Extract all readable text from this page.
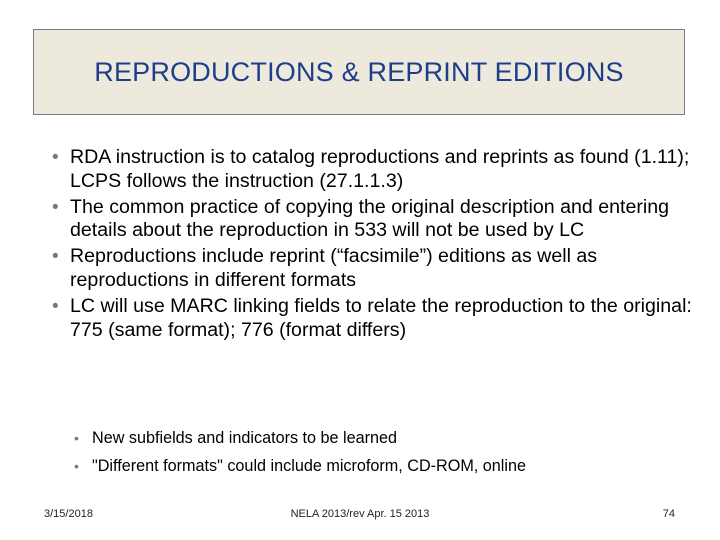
REPRODUCTIONS & REPRINT EDITIONS
• RDA instruction is to catalog reproductions and reprints as found (1.11); LCPS follows the instruction (27.1.1.3)
• The common practice of copying the original description and entering details about the reproduction in 533 will not be used by LC
• Reproductions include reprint (“facsimile”) editions as well as reproductions in different formats
• LC will use MARC linking fields to relate the reproduction to the original: 775 (same format); 776 (format differs)
• New subfields and indicators to be learned
• "Different formats" could include microform, CD-ROM, online
3/15/2018	NELA 2013/rev Apr. 15 2013	74
